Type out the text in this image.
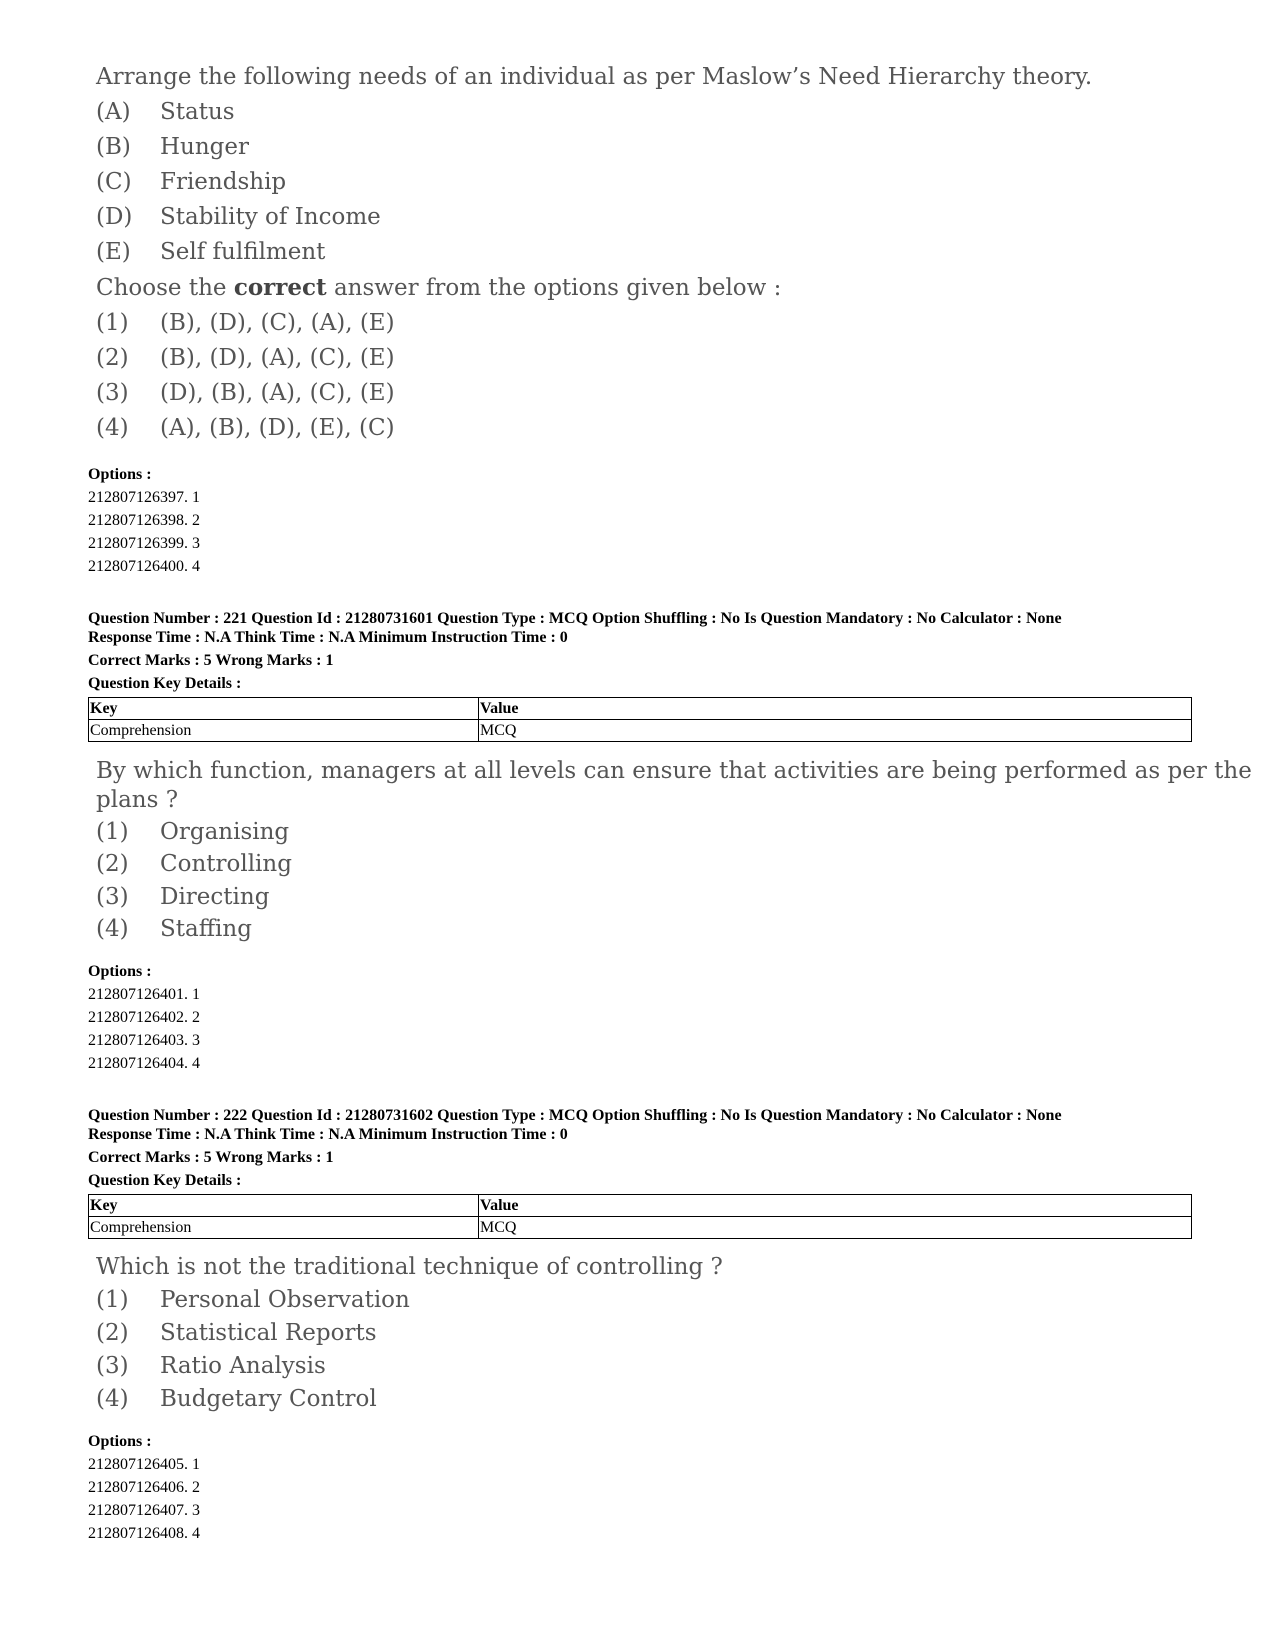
Arrange the following needs of an individual as per Maslow’s Need Hierarchy theory.
(A) Status
(B) Hunger
(C) Friendship
(D) Stability of Income
(E) Self fulfilment
Choose the correct answer from the options given below :
(1) (B), (D), (C), (A), (E)
(2) (B), (D), (A), (C), (E)
(3) (D), (B), (A), (C), (E)
(4) (A), (B), (D), (E), (C)
Options :
212807126397. 1
212807126398. 2
212807126399. 3
212807126400. 4
Question Number : 221 Question Id : 21280731601 Question Type : MCQ Option Shuffling : No Is Question Mandatory : No Calculator : None
Response Time : N.A Think Time : N.A Minimum Instruction Time : 0
Correct Marks : 5 Wrong Marks : 1
Question Key Details :
Key	Value
Comprehension	MCQ
By which function, managers at all levels can ensure that activities are being performed as per the
plans ?
(1) Organising
(2) Controlling
(3) Directing
(4) Staffing
Options :
212807126401. 1
212807126402. 2
212807126403. 3
212807126404. 4
Question Number : 222 Question Id : 21280731602 Question Type : MCQ Option Shuffling : No Is Question Mandatory : No Calculator : None
Response Time : N.A Think Time : N.A Minimum Instruction Time : 0
Correct Marks : 5 Wrong Marks : 1
Question Key Details :
Key	Value
Comprehension	MCQ
Which is not the traditional technique of controlling ?
(1) Personal Observation
(2) Statistical Reports
(3) Ratio Analysis
(4) Budgetary Control
Options :
212807126405. 1
212807126406. 2
212807126407. 3
212807126408. 4
